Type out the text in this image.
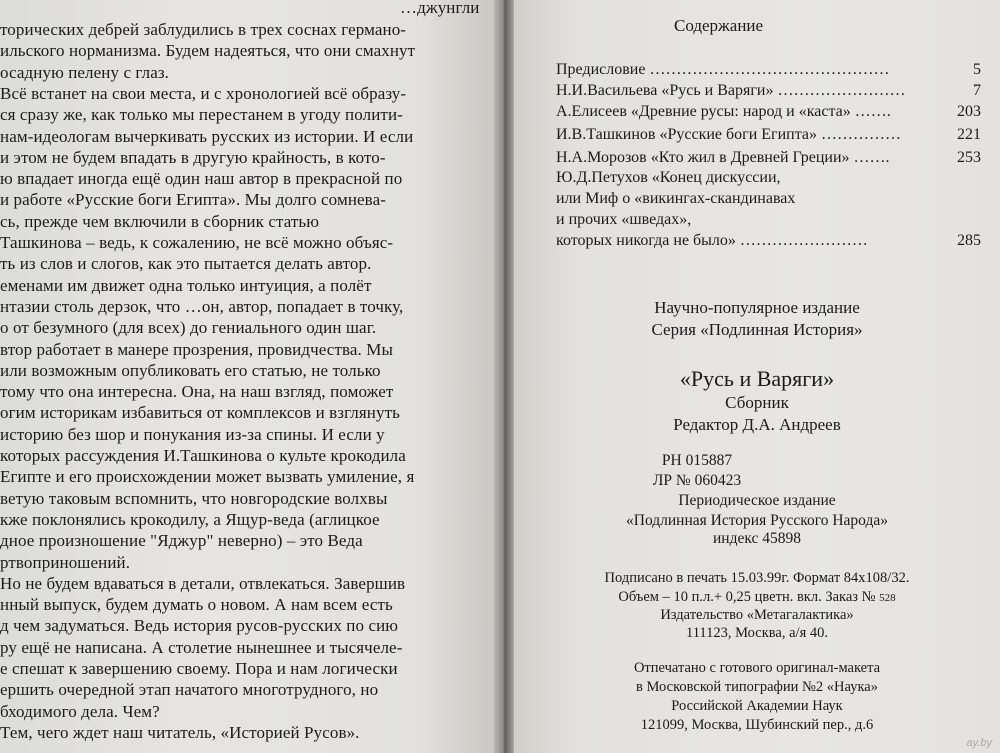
…джунгли
торических дебрей заблудились в трех соснах германо-
ильского норманизма. Будем надеяться, что они смахнут
осадную пелену с глаз.
Всё встанет на свои места, и с хронологией всё образу-
ся сразу же, как только мы перестанем в угоду полити-
нам-идеологам вычеркивать русских из истории. И если
и этом не будем впадать в другую крайность, в кото-
ю впадает иногда ещё один наш автор в прекрасной по
и работе «Русские боги Египта». Мы долго сомнева-
сь, прежде чем включили в сборник статью
Ташкинова – ведь, к сожалению, не всё можно объяс-
ть из слов и слогов, как это пытается делать автор.
еменами им движет одна только интуиция, а полёт
нтазии столь дерзок, что …он, автор, попадает в точку,
о от безумного (для всех) до гениального один шаг.
втор работает в манере прозрения, провидчества. Мы
или возможным опубликовать его статью, не только
тому что она интересна. Она, на наш взгляд, поможет
огим историкам избавиться от комплексов и взглянуть
историю без шор и понукания из-за спины. И если у
которых рассуждения И.Ташкинова о культе крокодила
Египте и его происхождении может вызвать умиление, я
ветую таковым вспомнить, что новгородские волхвы
кже поклонялись крокодилу, а Ящур-веда (аглицкое
дное произношение "Яджур" неверно) – это Веда
ртвоприношений.
Но не будем вдаваться в детали, отвлекаться. Завершив
нный выпуск, будем думать о новом. А нам всем есть
д чем задуматься. Ведь история русов-русских по сию
ру ещё не написана. А столетие нынешнее и тысячеле-
е спешат к завершению своему. Пора и нам логически
ершить очередной этап начатого многотрудного, но
бходимого дела. Чем?
Тем, чего ждет наш читатель, «Историей Русов».
Содержание
Предисловие ………………………………………	5
Н.И.Васильева «Русь и Варяги» ……………………	7
А.Елисеев «Древние русы: народ и «каста» …….	203
И.В.Ташкинов «Русские боги Египта» ……………	221
Н.А.Морозов «Кто жил в Древней Греции» …….	253
Ю.Д.Петухов «Конец дискуссии,
или Миф о «викингах-скандинавах
и прочих «шведах»,
которых никогда не было» ……………………	285
Научно-популярное издание
Серия «Подлинная История»
«Русь и Варяги»
Сборник
Редактор Д.А. Андреев
РН 015887
ЛР № 060423
Периодическое издание
«Подлинная История Русского Народа»
индекс 45898
Подписано в печать 15.03.99г. Формат 84х108/32.
Объем – 10 п.л.+ 0,25 цветн. вкл. Заказ № 528
Издательство «Метагалактика»
111123, Москва, а/я 40.
Отпечатано с готового оригинал-макета
в Московской типографии №2 «Наука»
Российской Академии Наук
121099, Москва, Шубинский пер., д.6
ay.by
